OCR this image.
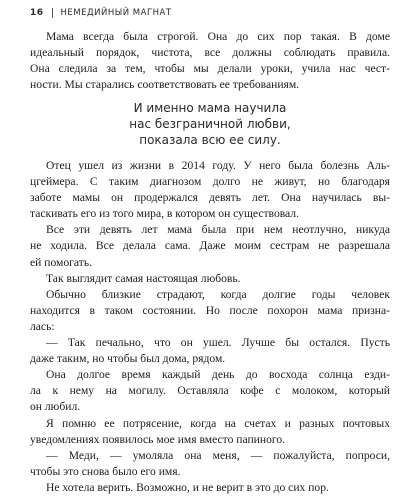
16 НЕМЕДИЙНЫЙ МАГНАТ
Мама всегда была строгой. Она до сих пор такая. В доме
идеальный порядок, чистота, все должны соблюдать правила.
Она следила за тем, чтобы мы делали уроки, учила нас чест-
ности. Мы старались соответствовать ее требованиям.
И именно мама научила
нас безграничной любви,
показала всю ее силу.
Отец ушел из жизни в 2014 году. У него была болезнь Аль-
цгеймера. С таким диагнозом долго не живут, но благодаря
заботе мамы он продержался девять лет. Она научилась вы-
таскивать его из того мира, в котором он существовал.
Все эти девять лет мама была при нем неотлучно, никуда
не ходила. Все делала сама. Даже моим сестрам не разрешала
ей помогать.
Так выглядит самая настоящая любовь.
Обычно близкие страдают, когда долгие годы человек
находится в таком состоянии. Но после похорон мама призна-
лась:
— Так печально, что он ушел. Лучше бы остался. Пусть
даже таким, но чтобы был дома, рядом.
Она долгое время каждый день до восхода солнца езди-
ла к нему на могилу. Оставляла кофе с молоком, который
он любил.
Я помню ее потрясение, когда на счетах и разных почтовых
уведомлениях появилось мое имя вместо папиного.
— Меди, — умоляла она меня, — пожалуйста, попроси,
чтобы это снова было его имя.
Не хотела верить. Возможно, и не верит в это до сих пор.
